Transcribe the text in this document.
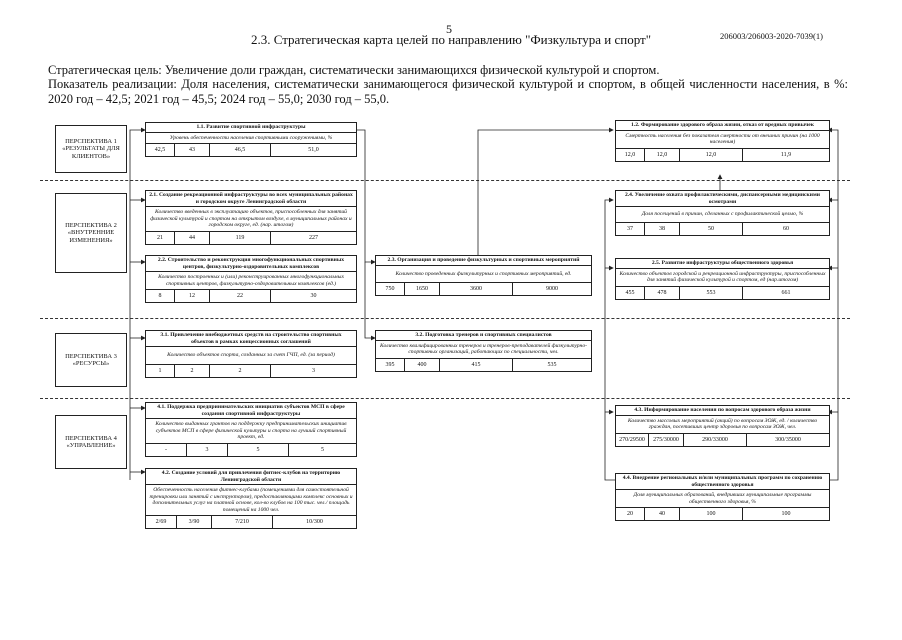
5	206003/206003-2020-7039(1)
2.3. Стратегическая карта целей по направлению "Физкультура и спорт"
Стратегическая цель: Увеличение доли граждан, систематически занимающихся физической культурой и спортом.
Показатель реализации: Доля населения, систематически занимающегося физической культурой и спортом, в общей численности населения, в %: 2020 год – 42,5; 2021 год – 45,5; 2024 год – 55,0; 2030 год – 55,0.
ПЕРСПЕКТИВА 1 «РЕЗУЛЬТАТЫ ДЛЯ КЛИЕНТОВ»
ПЕРСПЕКТИВА 2 «ВНУТРЕННИЕ ИЗМЕНЕНИЯ»
ПЕРСПЕКТИВА 3 «РЕСУРСЫ»
ПЕРСПЕКТИВА 4 «УПРАВЛЕНИЕ»
1.1. Развитие спортивной инфраструктуры
Уровень обеспеченности населения спортивными сооружениями, %
42,5	43	46,5	51,0
1.2. Формирование здорового образа жизни, отказ от вредных привычек
Смертность населения без показателя смертности от внешних причин (на 1000 населения)
12,0	12,0	12,0	11,9
2.1. Создание рекреационной инфраструктуры во всех муниципальных районах и городском округе Ленинградской области
Количество введенных в эксплуатацию объектов, приспособленных для занятий физической культурой и спортом на открытом воздухе, в муниципальных районах и городском округе, ед. (нар. итогом)
21	44	119	227
2.2. Строительство и реконструкция многофункциональных спортивных центров, физкультурно-оздоровительных комплексов
Количество построенных и (или) реконструированных многофункциональных спортивных центров, физкультурно-оздоровительных комплексов (ед.)
8	12	22	30
2.3. Организация и проведение физкультурных и спортивных мероприятий
Количество проведенных физкультурных и спортивных мероприятий, ед.
750	1650	3600	9000
2.4. Увеличение охвата профилактическими, диспансерными медицинскими осмотрами
Доля посещений в причин, сделанных с профилактической целью, %
37	38	50	60
2.5. Развитие инфраструктуры общественного здоровья
Количество объектов городской и рекреационной инфраструктуры, приспособленных для занятий физической культурой и спортом, ед (нар.итогом)
455	478	553	661
3.1. Привлечение внебюджетных средств на строительство спортивных объектов в рамках концессионных соглашений
Количество объектов спорта, созданных за счет ГЧП, ед. (за период)
1	2	2	3
3.2. Подготовка тренеров и спортивных специалистов
Количество квалифицированных тренеров и тренеров-преподавателей физкультурно-спортивных организаций, работающих по специальности, чел.
395	400	415	535
4.1. Поддержка предпринимательских инициатив субъектов МСП в сфере создания спортивной инфраструктуры
Количество выданных грантов на поддержку предпринимательских инициатив субъектов МСП в сфере физической культуры и спорта на лучший спортивный проект, ед.
-	3	5	5
4.2. Создание условий для привлечения фитнес-клубов на территорию Ленинградской области
Обеспеченность населения фитнес-клубами (помещениями для самостоятельной тренировки или занятий с инструктором), предоставляющими комплекс основных и дополнительных услуг на платной основе, кол-во клубов на 100 тыс. чел./ площадь помещений на 1000 чел.
2/69	3/90	7/210	10/300
4.3. Информирование населения по вопросам здорового образа жизни
Количество массовых мероприятий (акций) по вопросам ЗОЖ, ед. / количество граждан, посетивших центр здоровья по вопросам ЗОЖ, чел.
270/29500	275/30000	290/33000	300/35000
4.4. Внедрение региональных и/или муниципальных программ по сохранению общественного здоровья
Доля муниципальных образований, внедривших муниципальные программы общественного здоровья, %
20	40	100	100
